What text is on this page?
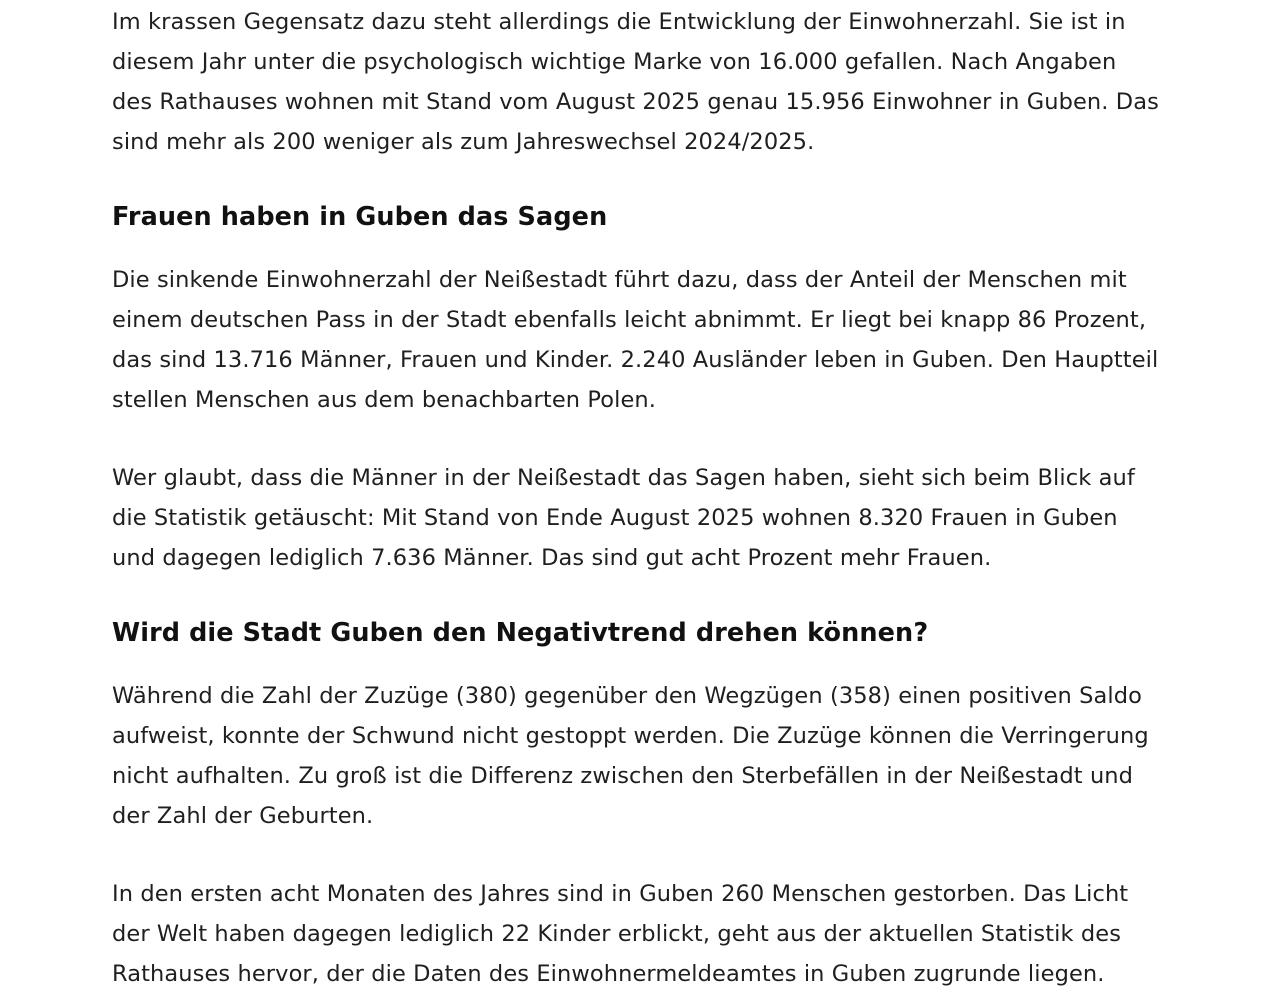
Im krassen Gegensatz dazu steht allerdings die Entwicklung der Einwohnerzahl. Sie ist in diesem Jahr unter die psychologisch wichtige Marke von 16.000 gefallen. Nach Angaben des Rathauses wohnen mit Stand vom August 2025 genau 15.956 Einwohner in Guben. Das sind mehr als 200 weniger als zum Jahreswechsel 2024/2025.

Frauen haben in Guben das Sagen

Die sinkende Einwohnerzahl der Neißestadt führt dazu, dass der Anteil der Menschen mit einem deutschen Pass in der Stadt ebenfalls leicht abnimmt. Er liegt bei knapp 86 Prozent, das sind 13.716 Männer, Frauen und Kinder. 2.240 Ausländer leben in Guben. Den Hauptteil stellen Menschen aus dem benachbarten Polen.

Wer glaubt, dass die Männer in der Neißestadt das Sagen haben, sieht sich beim Blick auf die Statistik getäuscht: Mit Stand von Ende August 2025 wohnen 8.320 Frauen in Guben und dagegen lediglich 7.636 Männer. Das sind gut acht Prozent mehr Frauen.

Wird die Stadt Guben den Negativtrend drehen können?

Während die Zahl der Zuzüge (380) gegenüber den Wegzügen (358) einen positiven Saldo aufweist, konnte der Schwund nicht gestoppt werden. Die Zuzüge können die Verringerung nicht aufhalten. Zu groß ist die Differenz zwischen den Sterbefällen in der Neißestadt und der Zahl der Geburten.

In den ersten acht Monaten des Jahres sind in Guben 260 Menschen gestorben. Das Licht der Welt haben dagegen lediglich 22 Kinder erblickt, geht aus der aktuellen Statistik des Rathauses hervor, der die Daten des Einwohnermeldeamtes in Guben zugrunde liegen.
